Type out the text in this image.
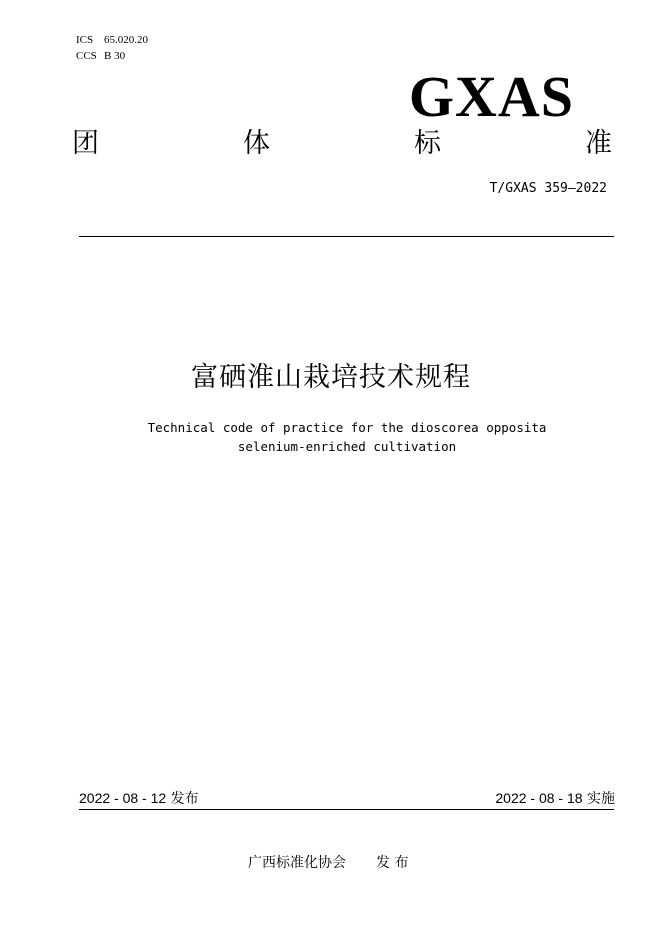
ICS 65.020.20
CCS B 30
GXAS
团	体	标	准
T/GXAS 359—2022
富硒淮山栽培技术规程
Technical code of practice for the dioscorea opposita
selenium-enriched cultivation
2022 - 08 - 12 发布	2022 - 08 - 18 实施
广西标准化协会 发 布
